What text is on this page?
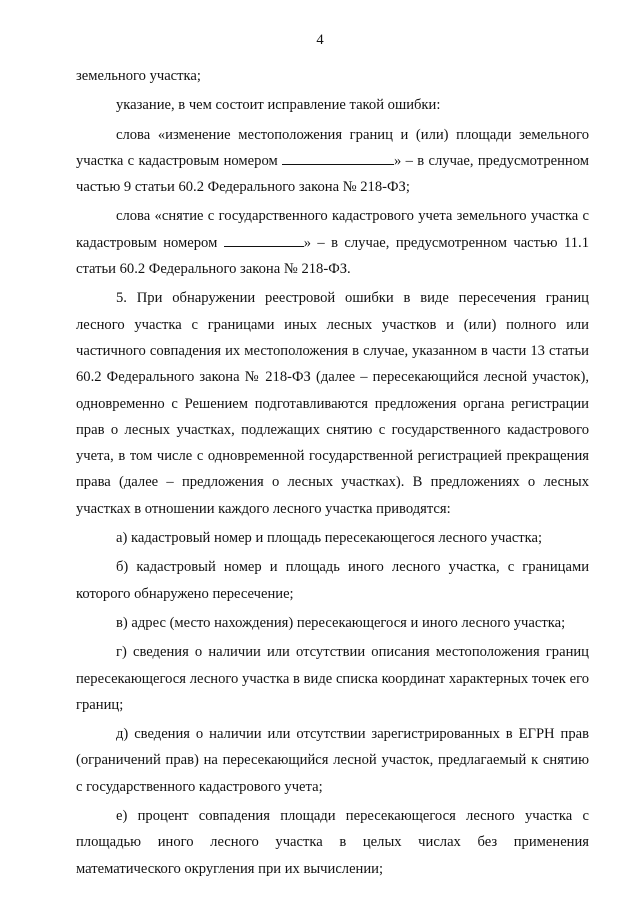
4

земельного участка;

указание, в чем состоит исправление такой ошибки:

слова «изменение местоположения границ и (или) площади земельного участка с кадастровым номером	» – в случае, предусмотренном частью 9 статьи 60.2 Федерального закона № 218-ФЗ;

слова «снятие с государственного кадастрового учета земельного участка с кадастровым номером	» – в случае, предусмотренном частью 11.1 статьи 60.2 Федерального закона № 218-ФЗ.

5. При обнаружении реестровой ошибки в виде пересечения границ лесного участка с границами иных лесных участков и (или) полного или частичного совпадения их местоположения в случае, указанном в части 13 статьи 60.2 Федерального закона № 218-ФЗ (далее – пересекающийся лесной участок), одновременно с Решением подготавливаются предложения органа регистрации прав о лесных участках, подлежащих снятию с государственного кадастрового учета, в том числе с одновременной государственной регистрацией прекращения права (далее – предложения о лесных участках). В предложениях о лесных участках в отношении каждого лесного участка приводятся:

а) кадастровый номер и площадь пересекающегося лесного участка;

б) кадастровый номер и площадь иного лесного участка, с границами которого обнаружено пересечение;

в) адрес (место нахождения) пересекающегося и иного лесного участка;

г) сведения о наличии или отсутствии описания местоположения границ пересекающегося лесного участка в виде списка координат характерных точек его границ;

д) сведения о наличии или отсутствии зарегистрированных в ЕГРН прав (ограничений прав) на пересекающийся лесной участок, предлагаемый к снятию с государственного кадастрового учета;

е) процент совпадения площади пересекающегося лесного участка с площадью иного лесного участка в целых числах без применения математического округления при их вычислении;
